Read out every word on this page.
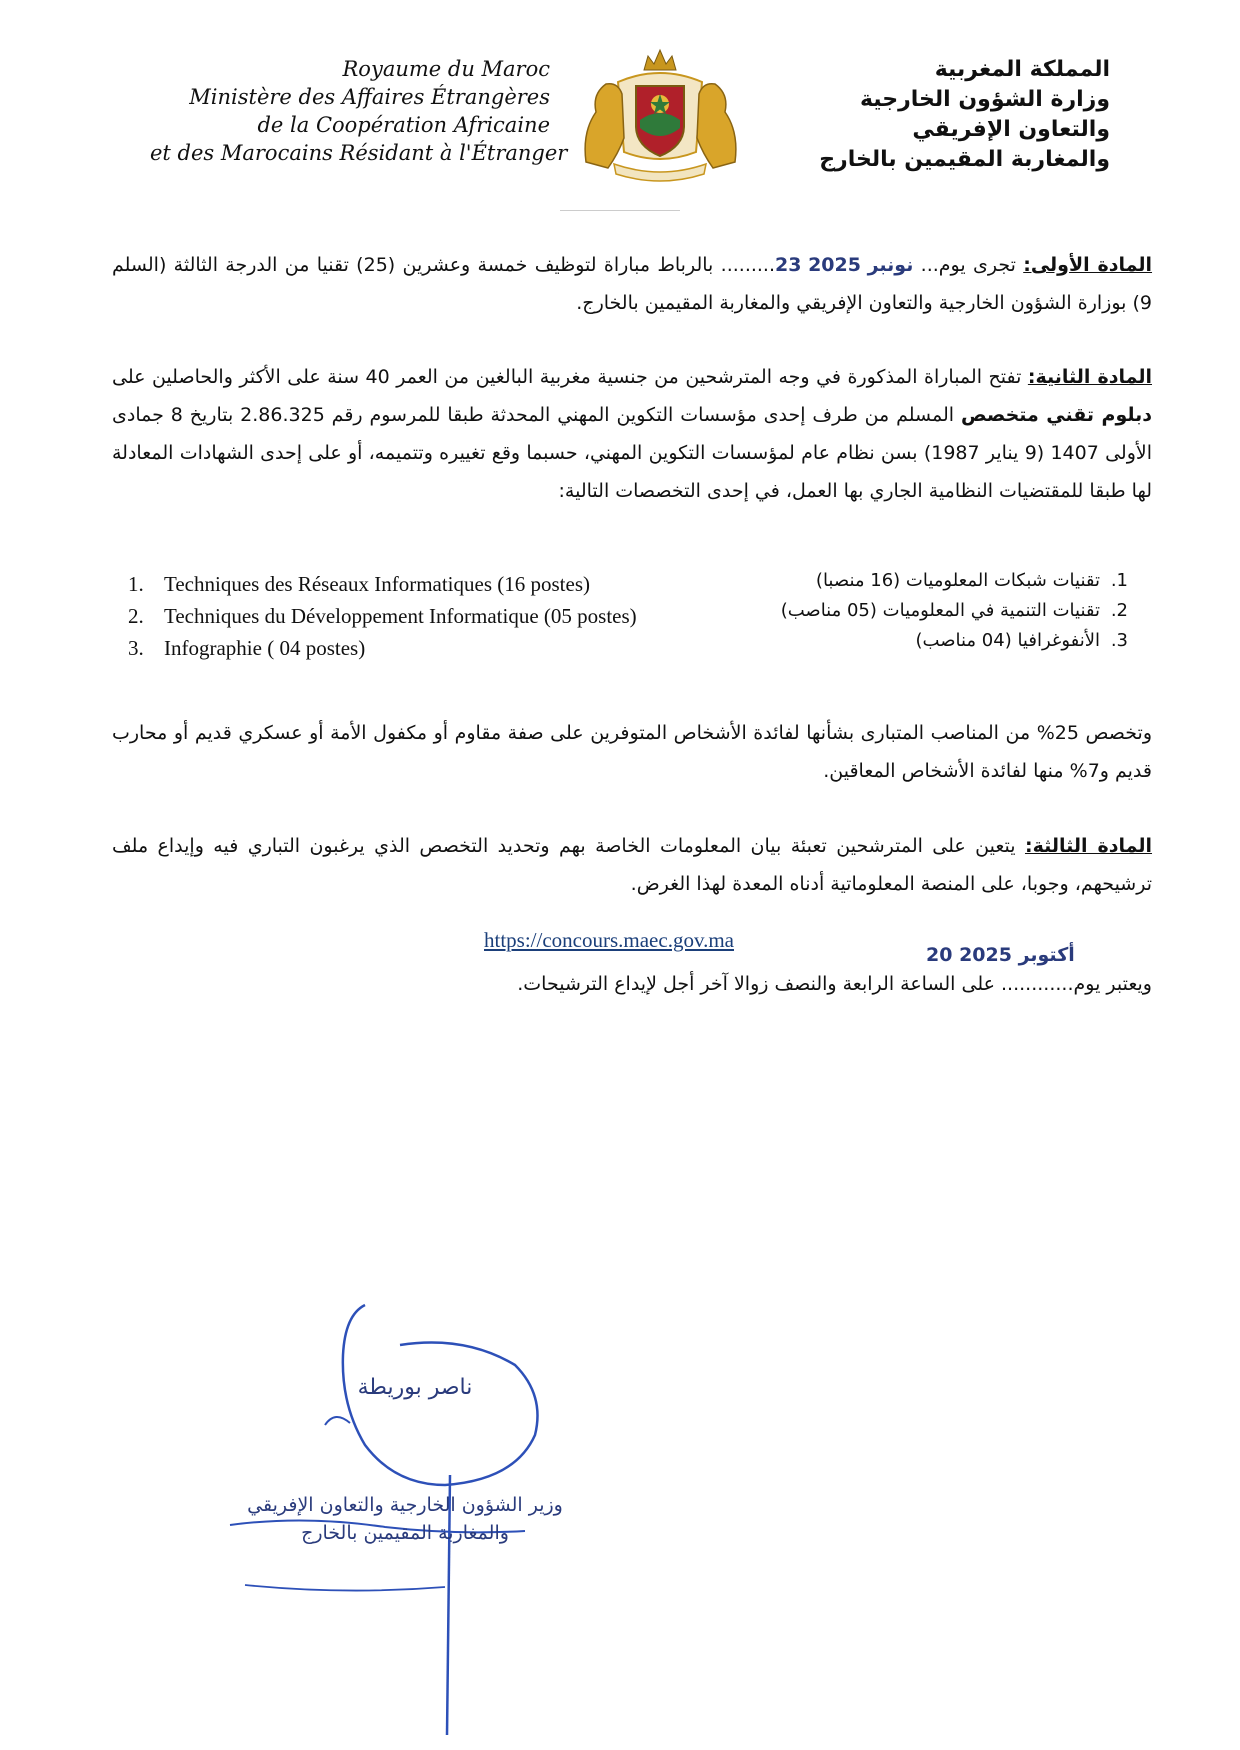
Royaume du Maroc
Ministère des Affaires Étrangères
de la Coopération Africaine
et des Marocains Résidant à l'Étranger
المملكة المغربية
وزارة الشؤون الخارجية
والتعاون الإفريقي
والمغاربة المقيمين بالخارج
المادة الأولى: تجرى يوم... 23 نونبر 2025......... بالرباط مباراة لتوظيف خمسة وعشرين (25) تقنيا من الدرجة الثالثة (السلم 9) بوزارة الشؤون الخارجية والتعاون الإفريقي والمغاربة المقيمين بالخارج.
المادة الثانية: تفتح المباراة المذكورة في وجه المترشحين من جنسية مغربية البالغين من العمر 40 سنة على الأكثر والحاصلين على دبلوم تقني متخصص المسلم من طرف إحدى مؤسسات التكوين المهني المحدثة طبقا للمرسوم رقم 2.86.325 بتاريخ 8 جمادى الأولى 1407 (9 يناير 1987) بسن نظام عام لمؤسسات التكوين المهني، حسبما وقع تغييره وتتميمه، أو على إحدى الشهادات المعادلة لها طبقا للمقتضيات النظامية الجاري بها العمل، في إحدى التخصصات التالية:
1. Techniques des Réseaux Informatiques (16 postes)
2. Techniques du Développement Informatique (05 postes)
3. Infographie ( 04 postes)
1.تقنيات شبكات المعلوميات (16 منصبا)
2.تقنيات التنمية في المعلوميات (05 مناصب)
3.الأنفوغرافيا (04 مناصب)
وتخصص 25% من المناصب المتبارى بشأنها لفائدة الأشخاص المتوفرين على صفة مقاوم أو مكفول الأمة أو عسكري قديم أو محارب قديم و7% منها لفائدة الأشخاص المعاقين.
المادة الثالثة: يتعين على المترشحين تعبئة بيان المعلومات الخاصة بهم وتحديد التخصص الذي يرغبون التباري فيه وإيداع ملف ترشيحهم، وجوبا، على المنصة المعلوماتية أدناه المعدة لهذا الغرض.
https://concours.maec.gov.ma
ويعتبر يوم............ على الساعة الرابعة والنصف زوالا آخر أجل لإيداع الترشيحات.
20 أكتوبر 2025
ناصر بوريطة
وزير الشؤون الخارجية والتعاون الإفريقي
والمغاربة المقيمين بالخارج
